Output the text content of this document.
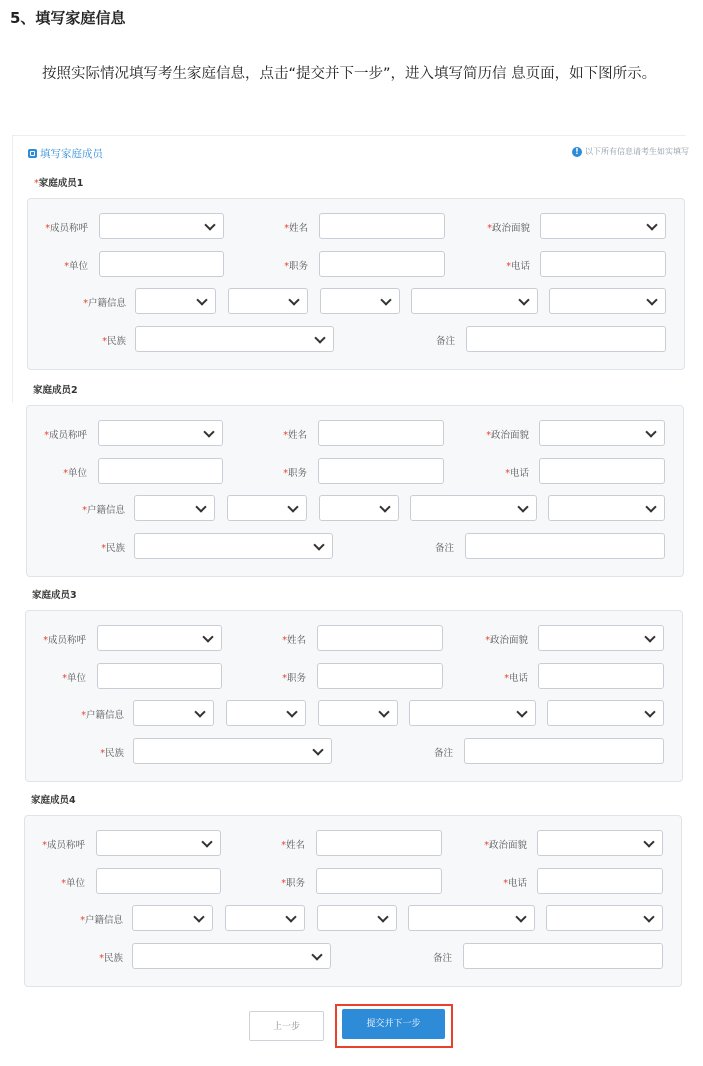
5、填写家庭信息
按照实际情况填写考生家庭信息，点击“提交并下一步”，进入填写简历信 息页面，如下图所示。
填写家庭成员	! 以下所有信息请考生如实填写
*家庭成员1
*成员称呼	*姓名	*政治面貌
*单位	*职务	*电话
*户籍信息
*民族	备注
家庭成员2
*成员称呼	*姓名	*政治面貌
*单位	*职务	*电话
*户籍信息
*民族	备注
家庭成员3
*成员称呼	*姓名	*政治面貌
*单位	*职务	*电话
*户籍信息
*民族	备注
家庭成员4
*成员称呼	*姓名	*政治面貌
*单位	*职务	*电话
*户籍信息
*民族	备注
上一步	提交并下一步
